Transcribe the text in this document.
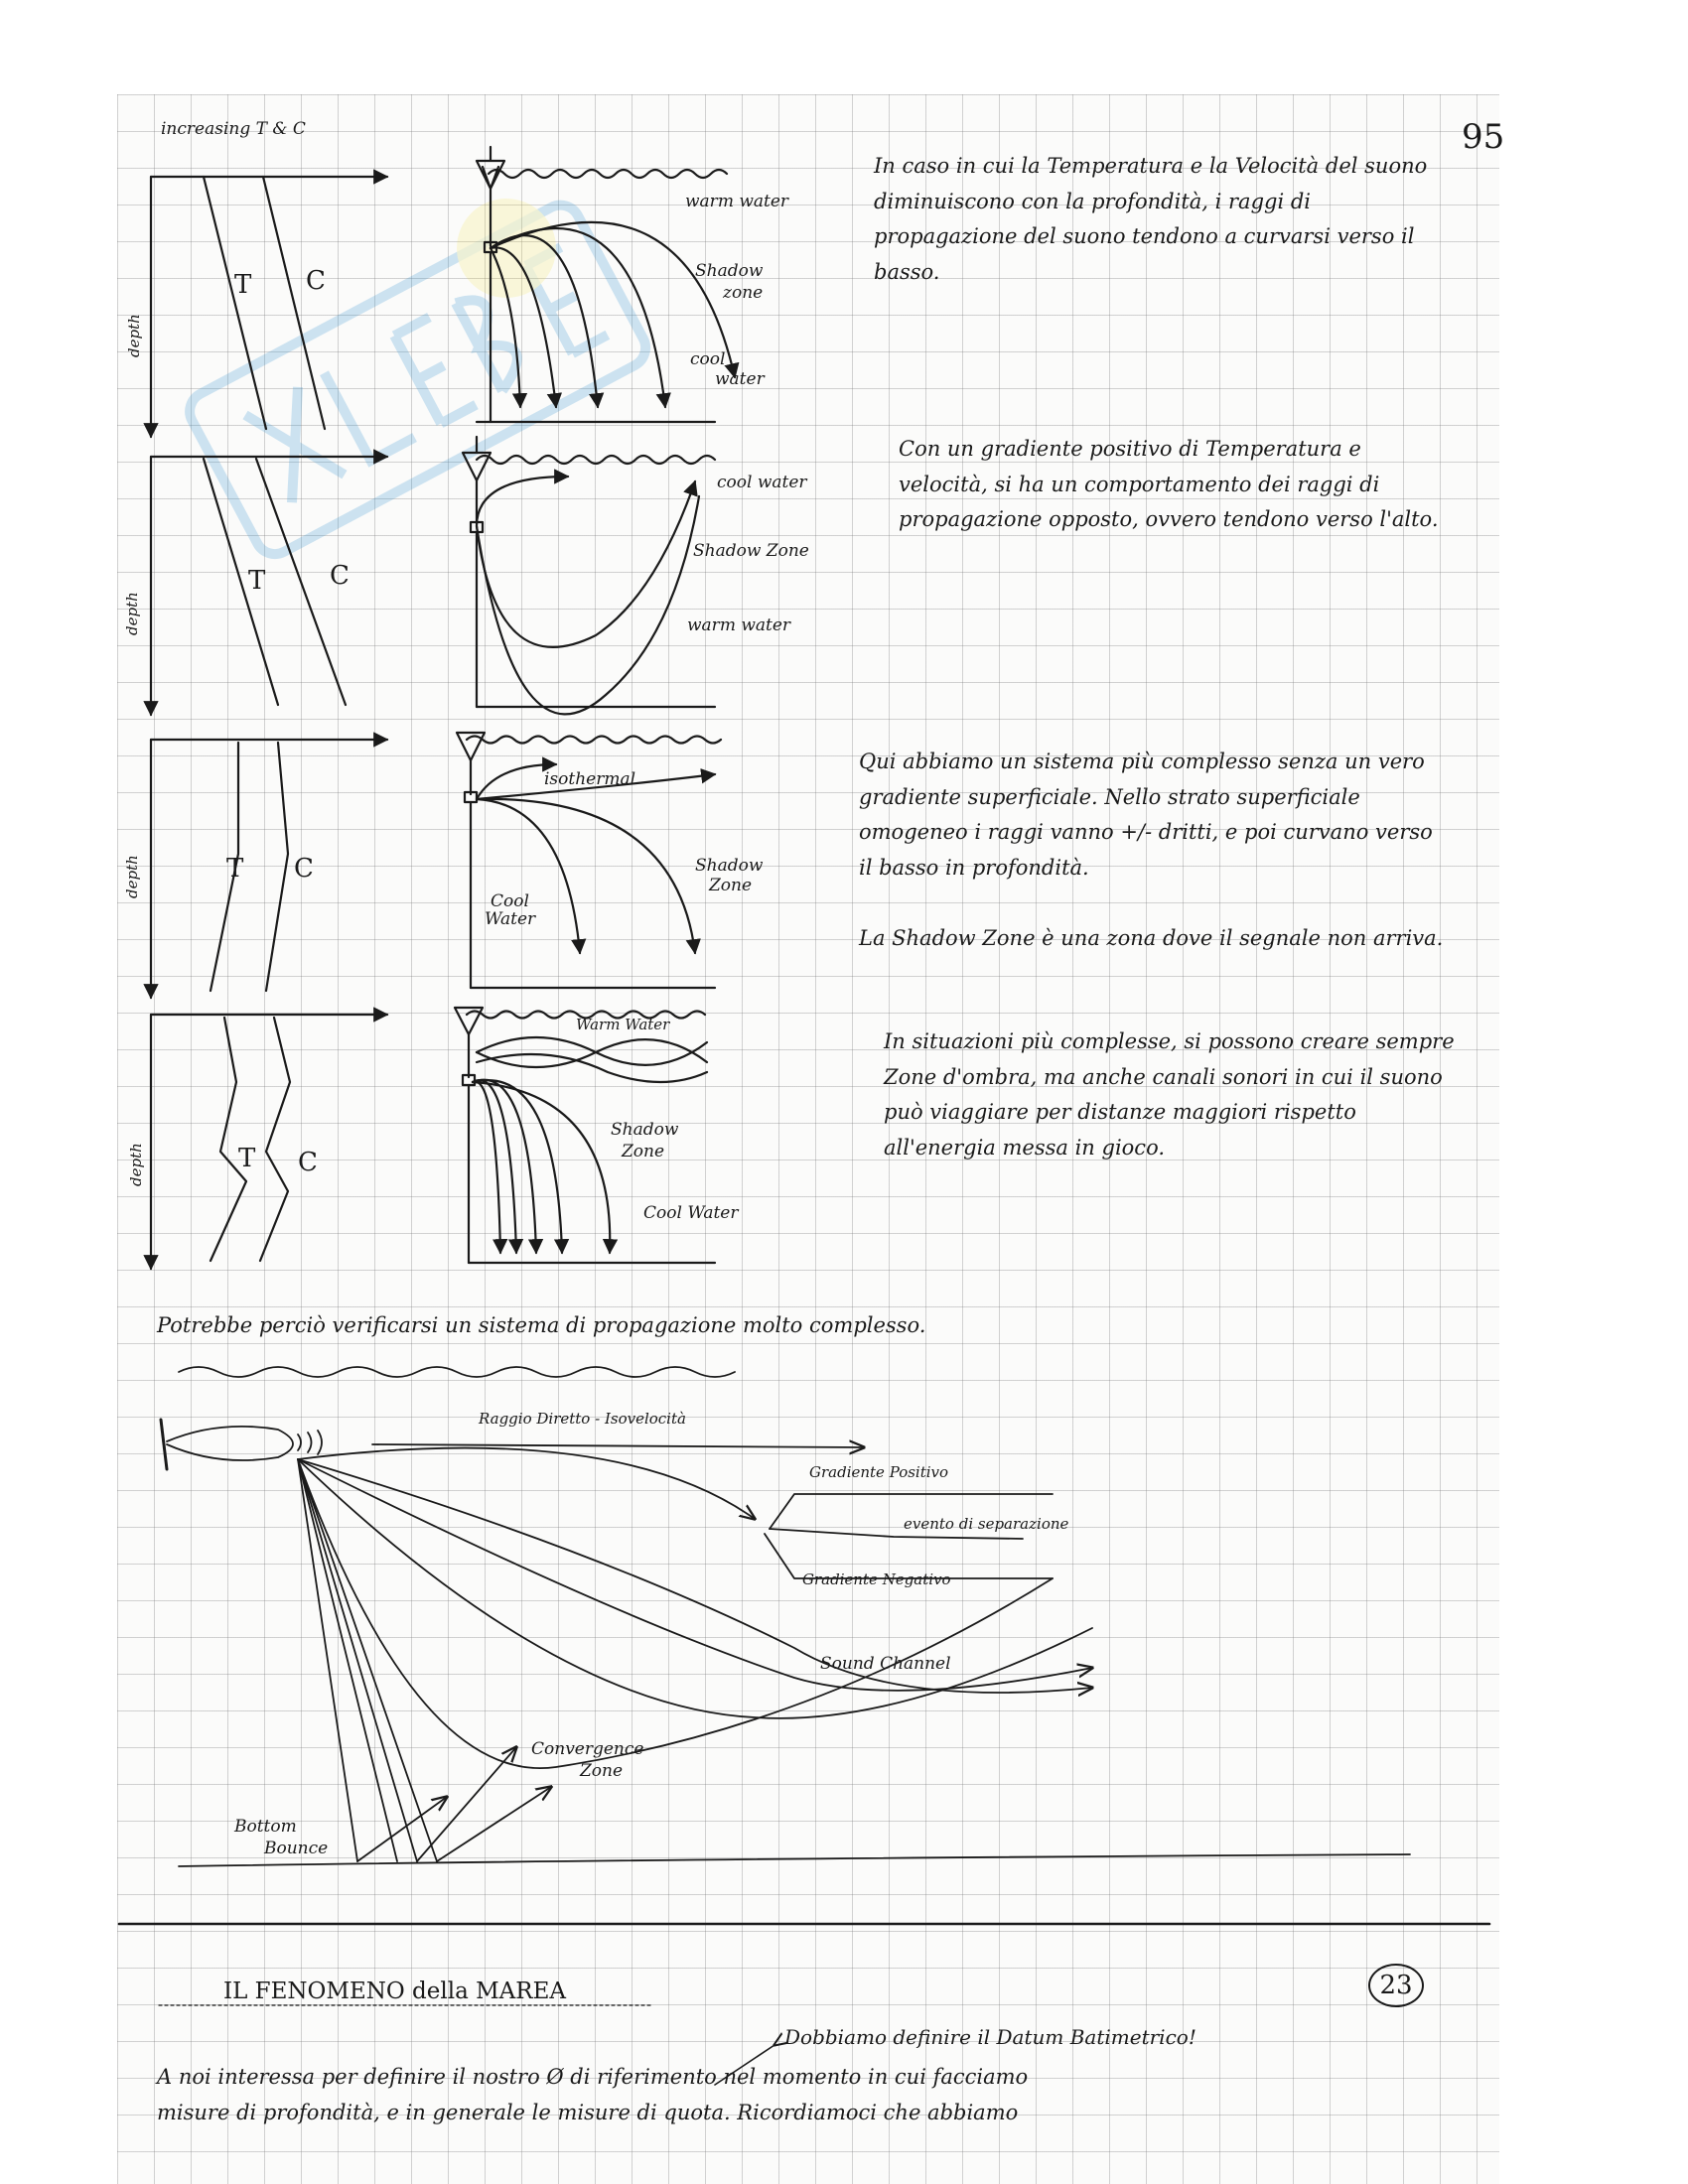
increasing T & C
depth
T C
warm water
Shadow
zone
cool
water
95

In caso in cui la Temperatura e la Velocità del suono diminuiscono con la profondità, i raggi di propagazione del suono tendono a curvarsi verso il basso.

depth
T C
cool water
Shadow Zone
warm water

Con un gradiente positivo di Temperatura e velocità, si ha un comportamento dei raggi di propagazione opposto, ovvero tendono verso l'alto.

depth	T C
isothermal
Shadow
Zone
Cool
Water

Qui abbiamo un sistema più complesso senza un vero gradiente superficiale. Nello strato superficiale omogeneo i raggi vanno +/- dritti, e poi curvano verso il basso in profondità.

La Shadow Zone è una zona dove il segnale non arriva.

depth	T C
Warm Water
Shadow
Zone
Cool Water

In situazioni più complesse, si possono creare sempre Zone d'ombra, ma anche canali sonori in cui il suono può viaggiare per distanze maggiori rispetto all'energia messa in gioco.

Potrebbe perciò verificarsi un sistema di propagazione molto complesso.

Raggio Diretto - Isovelocità
Gradiente Positivo
evento di separazione
Gradiente Negativo
Sound Channel
Convergence
Zone
Bottom
Bounce
23
IL FENOMENO della MAREA
Dobbiamo definire il Datum Batimetrico!
A noi interessa per definire il nostro Ø di riferimento nel momento in cui facciamo
misure di profondità, e in generale le misure di quota. Ricordiamoci che abbiamo
